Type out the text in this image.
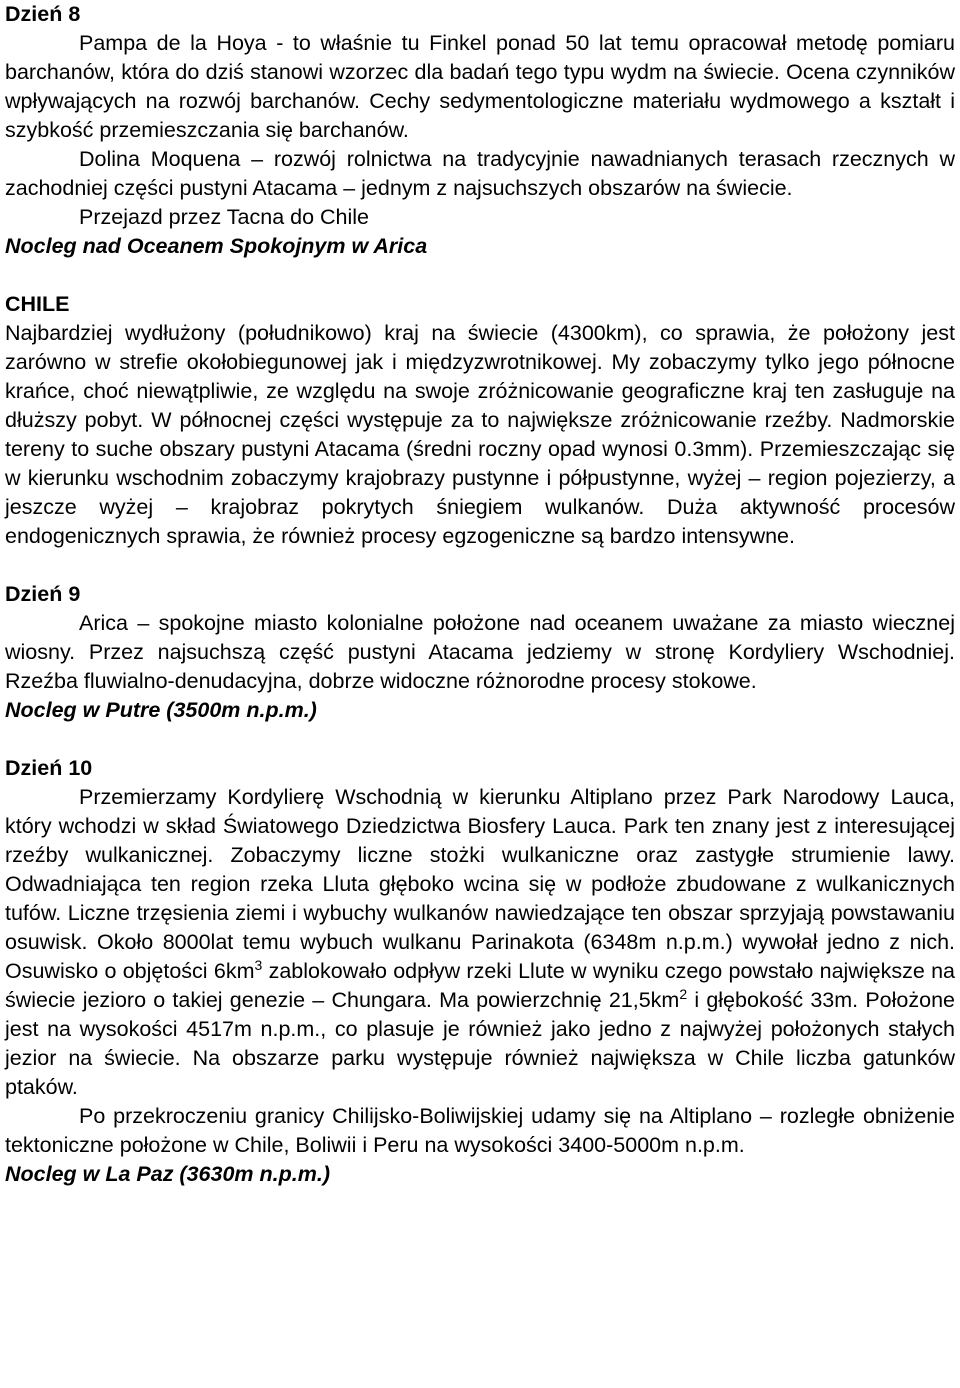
Dzień 8

Pampa de la Hoya - to właśnie tu Finkel ponad 50 lat temu opracował metodę pomiaru barchanów, która do dziś stanowi wzorzec dla badań tego typu wydm na świecie. Ocena czynników wpływających na rozwój barchanów. Cechy sedymentologiczne materiału wydmowego a kształt i szybkość przemieszczania się barchanów.

Dolina Moquena – rozwój rolnictwa na tradycyjnie nawadnianych terasach rzecznych w zachodniej części pustyni Atacama – jednym z najsuchszych obszarów na świecie.

Przejazd przez Tacna do Chile

Nocleg nad Oceanem Spokojnym w Arica

CHILE

Najbardziej wydłużony (południkowo) kraj na świecie (4300km), co sprawia, że położony jest zarówno w strefie okołobiegunowej jak i międzyzwrotnikowej. My zobaczymy tylko jego północne krańce, choć niewątpliwie, ze względu na swoje zróżnicowanie geograficzne kraj ten zasługuje na dłuższy pobyt. W północnej części występuje za to największe zróżnicowanie rzeźby. Nadmorskie tereny to suche obszary pustyni Atacama (średni roczny opad wynosi 0.3mm). Przemieszczając się w kierunku wschodnim zobaczymy krajobrazy pustynne i półpustynne, wyżej – region pojezierzy, a jeszcze wyżej – krajobraz pokrytych śniegiem wulkanów. Duża aktywność procesów endogenicznych sprawia, że również procesy egzogeniczne są bardzo intensywne.

Dzień 9

Arica – spokojne miasto kolonialne położone nad oceanem uważane za miasto wiecznej wiosny. Przez najsuchszą część pustyni Atacama jedziemy w stronę Kordyliery Wschodniej. Rzeźba fluwialno-denudacyjna, dobrze widoczne różnorodne procesy stokowe.

Nocleg w Putre (3500m n.p.m.)

Dzień 10

Przemierzamy Kordylierę Wschodnią w kierunku Altiplano przez Park Narodowy Lauca, który wchodzi w skład Światowego Dziedzictwa Biosfery Lauca. Park ten znany jest z interesującej rzeźby wulkanicznej. Zobaczymy liczne stożki wulkaniczne oraz zastygłe strumienie lawy. Odwadniająca ten region rzeka Lluta głęboko wcina się w podłoże zbudowane z wulkanicznych tufów. Liczne trzęsienia ziemi i wybuchy wulkanów nawiedzające ten obszar sprzyjają powstawaniu osuwisk. Około 8000lat temu wybuch wulkanu Parinakota (6348m n.p.m.) wywołał jedno z nich. Osuwisko o objętości $6km^3$ zablokowało odpływ rzeki Llute w wyniku czego powstało największe na świecie jezioro o takiej genezie – Chungara. Ma powierzchnię $21,5km^2$ i głębokość 33m. Położone jest na wysokości 4517m n.p.m., co plasuje je również jako jedno z najwyżej położonych stałych jezior na świecie. Na obszarze parku występuje również największa w Chile liczba gatunków ptaków.

Po przekroczeniu granicy Chilijsko-Boliwijskiej udamy się na Altiplano – rozległe obniżenie tektoniczne położone w Chile, Boliwii i Peru na wysokości 3400-5000m n.p.m.

Nocleg w La Paz (3630m n.p.m.)
